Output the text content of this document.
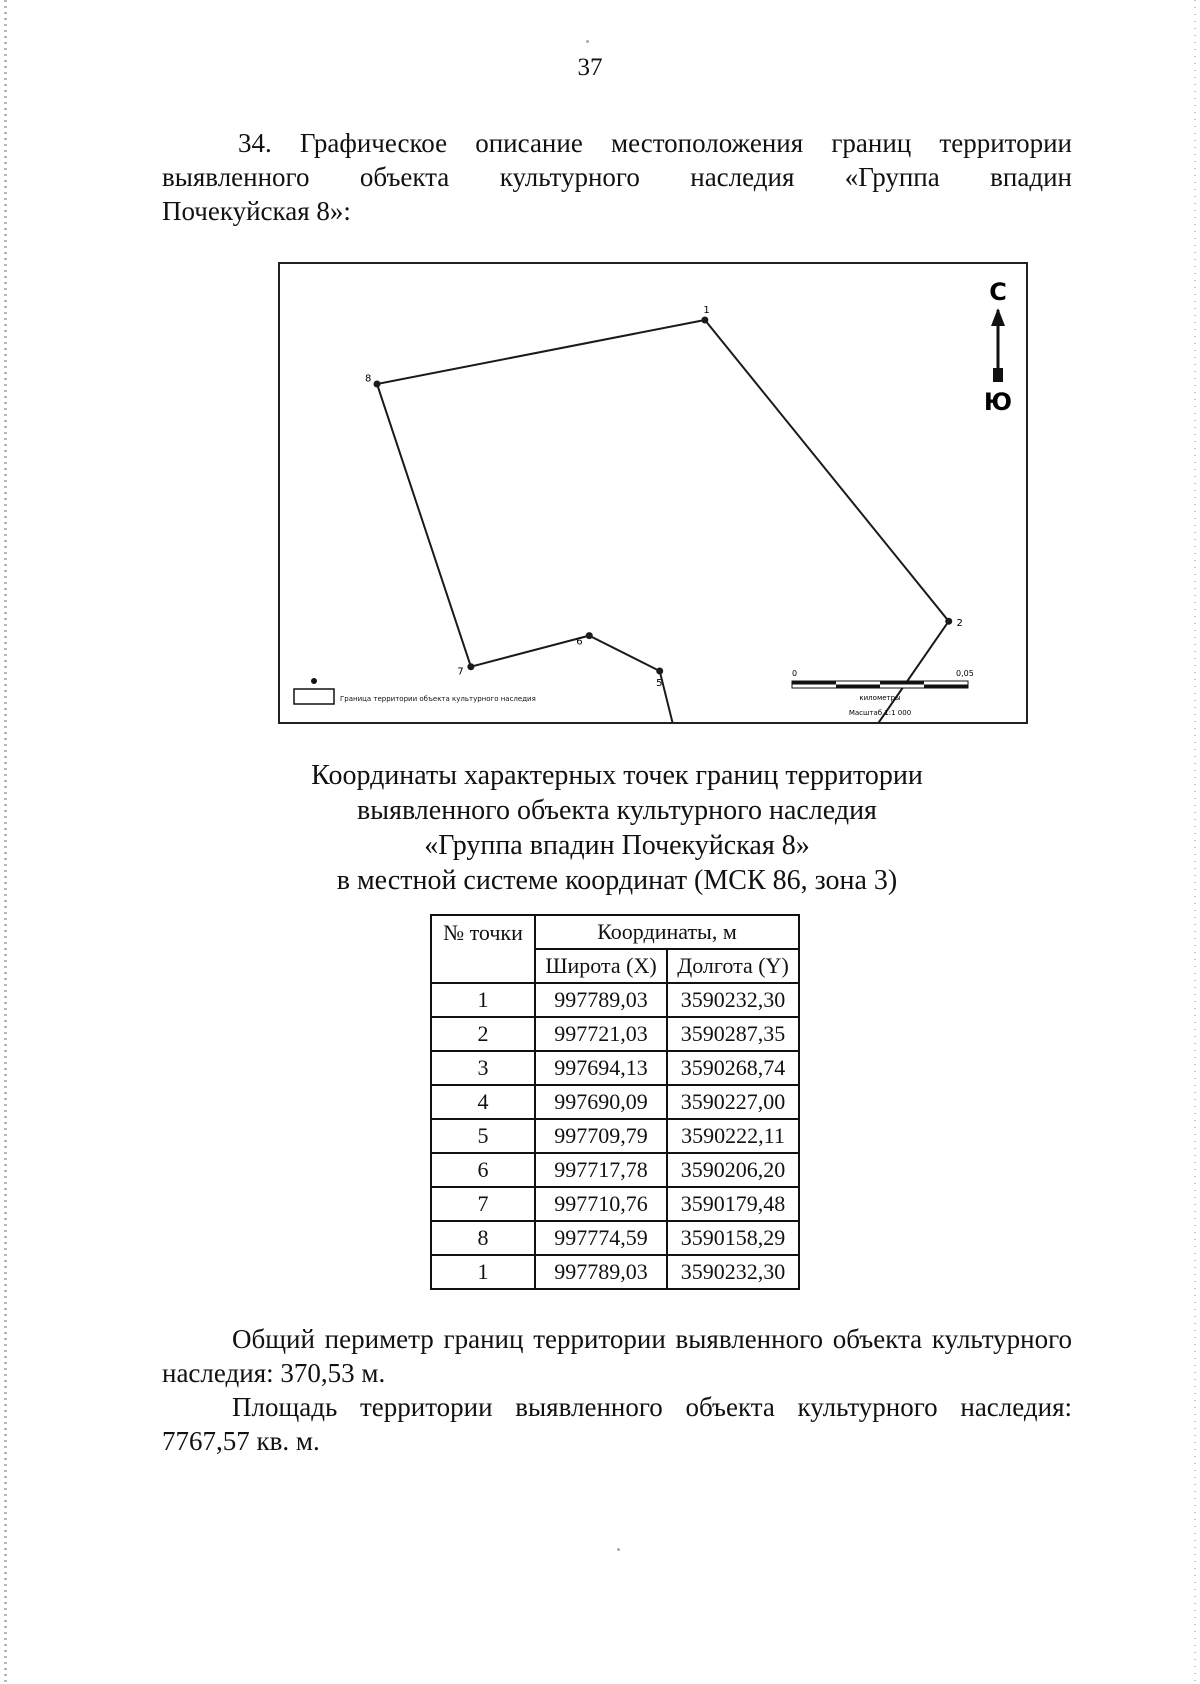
37
34. Графическое описание местоположения границ территории выявленного объекта культурного наследия «Группа впадин
Почекуйская 8»:
1
2
5
6
7
8
С
Ю
Граница территории объекта культурного наследия
0	0,05
километры
Масштаб 1:1 000
Координаты характерных точек границ территории
выявленного объекта культурного наследия
«Группа впадин Почекуйская 8»
в местной системе координат (МСК 86, зона 3)
№ точки	Координаты, м	
	Широта (X)	Долгота (Y)
1	997789,03	3590232,30
2	997721,03	3590287,35
3	997694,13	3590268,74
4	997690,09	3590227,00
5	997709,79	3590222,11
6	997717,78	3590206,20
7	997710,76	3590179,48
8	997774,59	3590158,29
1	997789,03	3590232,30
Общий периметр границ территории выявленного объекта культурного наследия: 370,53 м.
Площадь территории выявленного объекта культурного наследия: 7767,57 кв. м.
